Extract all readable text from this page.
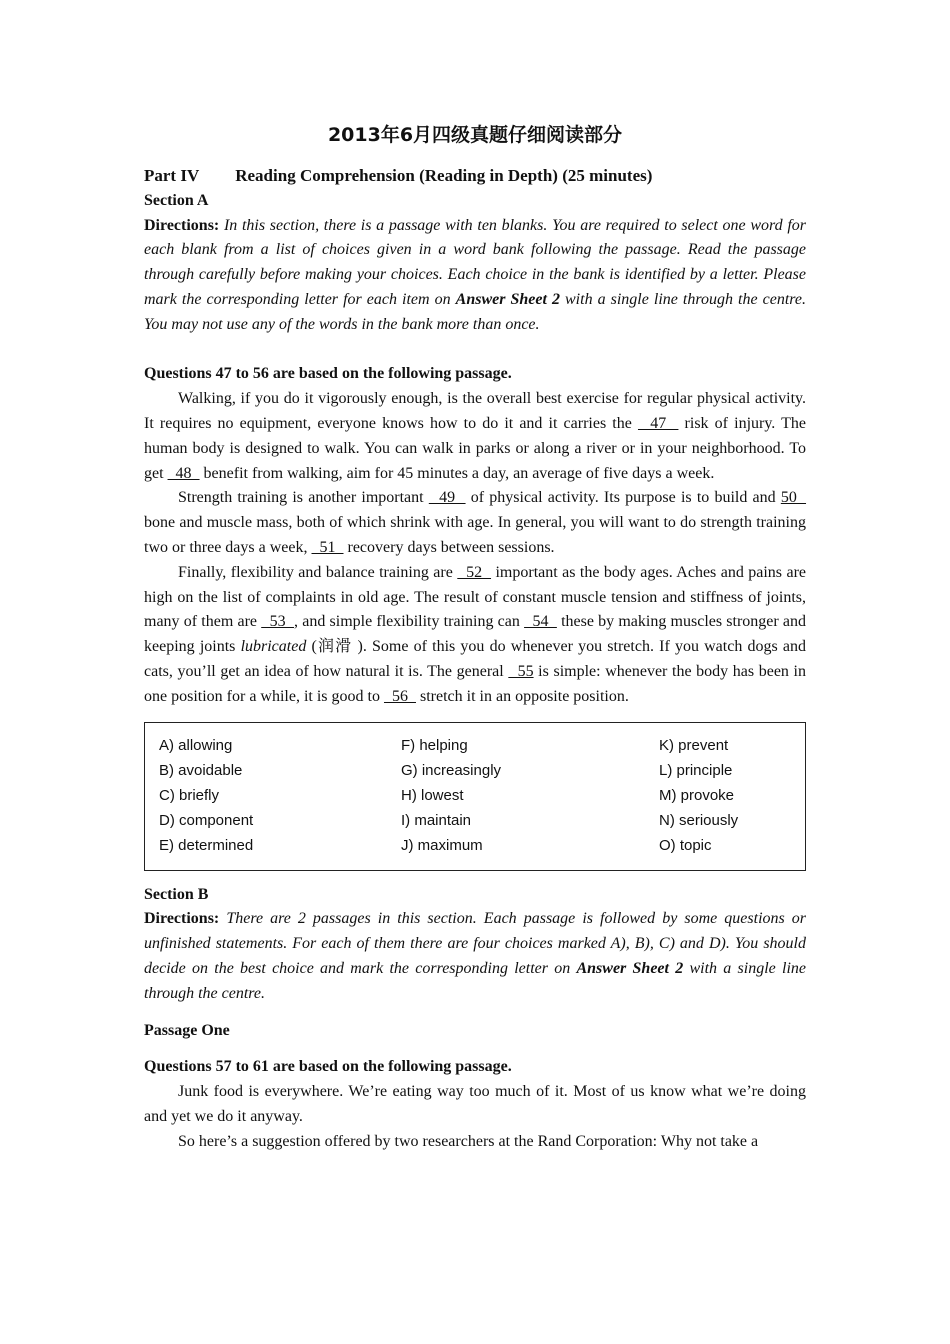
2013年6月四级真题仔细阅读部分

Part IV Reading Comprehension (Reading in Depth) (25 minutes)

Section A

Directions: In this section, there is a passage with ten blanks. You are required to select one word for each blank from a list of choices given in a word bank following the passage. Read the passage through carefully before making your choices. Each choice in the bank is identified by a letter. Please mark the corresponding letter for each item on Answer Sheet 2 with a single line through the centre. You may not use any of the words in the bank more than once.

Questions 47 to 56 are based on the following passage.

Walking, if you do it vigorously enough, is the overall best exercise for regular physical activity. It requires no equipment, everyone knows how to do it and it carries the   47   risk of injury. The human body is designed to walk. You can walk in parks or along a river or in your neighborhood. To get   48   benefit from walking, aim for 45 minutes a day, an average of five days a week.

Strength training is another important   49   of physical activity. Its purpose is to build and 50   bone and muscle mass, both of which shrink with age. In general, you will want to do strength training two or three days a week,   51   recovery days between sessions.

Finally, flexibility and balance training are   52   important as the body ages. Aches and pains are high on the list of complaints in old age. The result of constant muscle tension and stiffness of joints, many of them are   53  , and simple flexibility training can   54   these by making muscles stronger and keeping joints lubricated (润滑 ). Some of this you do whenever you stretch. If you watch dogs and cats, you’ll get an idea of how natural it is. The general   55 is simple: whenever the body has been in one position for a while, it is good to   56   stretch it in an opposite position.

A) allowing
B) avoidable
C) briefly
D) component
E) determined
F) helping
G) increasingly
H) lowest
I) maintain
J) maximum
K) prevent
L) principle
M) provoke
N) seriously
O) topic

Section B

Directions: There are 2 passages in this section. Each passage is followed by some questions or unfinished statements. For each of them there are four choices marked A), B), C) and D). You should decide on the best choice and mark the corresponding letter on Answer Sheet 2 with a single line through the centre.

Passage One

Questions 57 to 61 are based on the following passage.

Junk food is everywhere. We’re eating way too much of it. Most of us know what we’re doing and yet we do it anyway.

So here’s a suggestion offered by two researchers at the Rand Corporation: Why not take a
